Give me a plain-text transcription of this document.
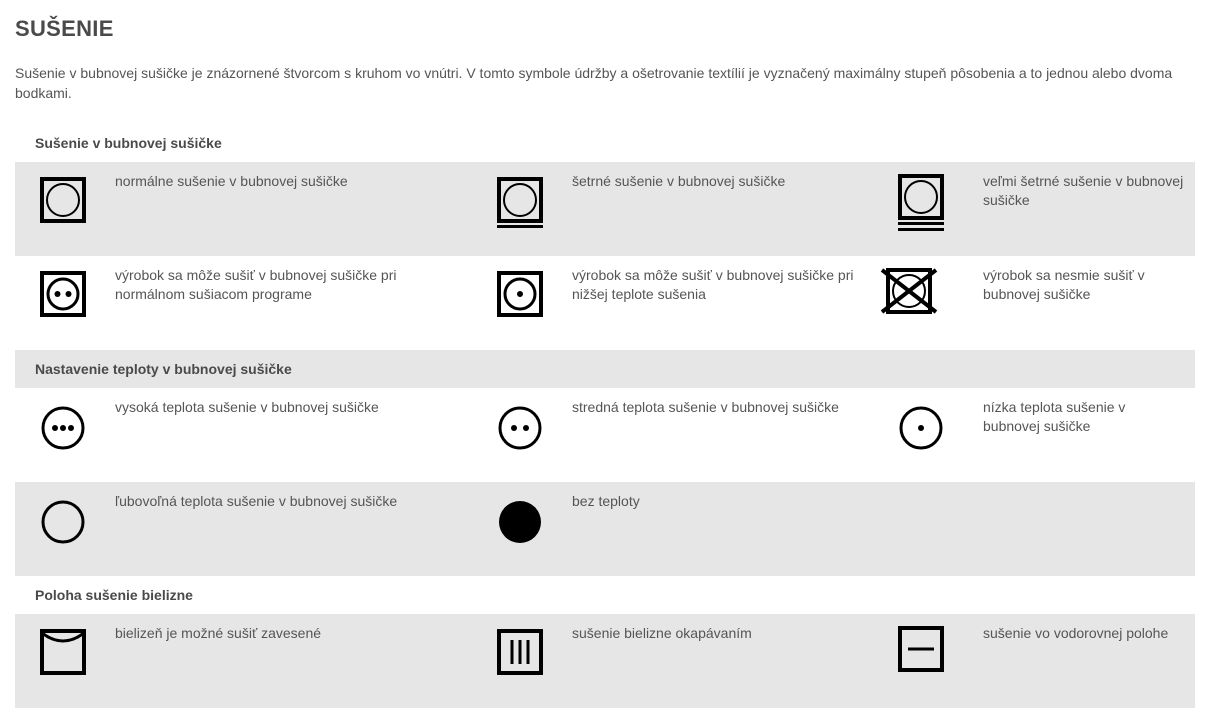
SUŠENIE

Sušenie v bubnovej sušičke je znázornené štvorcom s kruhom vo vnútri. V tomto symbole údržby a ošetrovanie textílií je vyznačený maximálny stupeň pôsobenia a to jednou alebo dvoma bodkami.

Sušenie v bubnovej sušičke					

	normálne sušenie v bubnovej sušičke		šetrné sušenie v bubnovej sušičke		veľmi šetrné sušenie v bubnovej sušičke

	výrobok sa môže sušiť v bubnovej sušičke pri normálnom sušiacom programe		výrobok sa môže sušiť v bubnovej sušičke pri nižšej teplote sušenia		výrobok sa nesmie sušiť v bubnovej sušičke
Nastavenie teploty v bubnovej sušičke					

	vysoká teplota sušenie v bubnovej sušičke		stredná teplota sušenie v bubnovej sušičke		nízka teplota sušenie v bubnovej sušičke

	ľubovoľná teplota sušenie v bubnovej sušičke		bez teploty		
Poloha sušenie bielizne					

	bielizeň je možné sušiť zavesené		sušenie bielizne okapávaním		sušenie vo vodorovnej polohe
